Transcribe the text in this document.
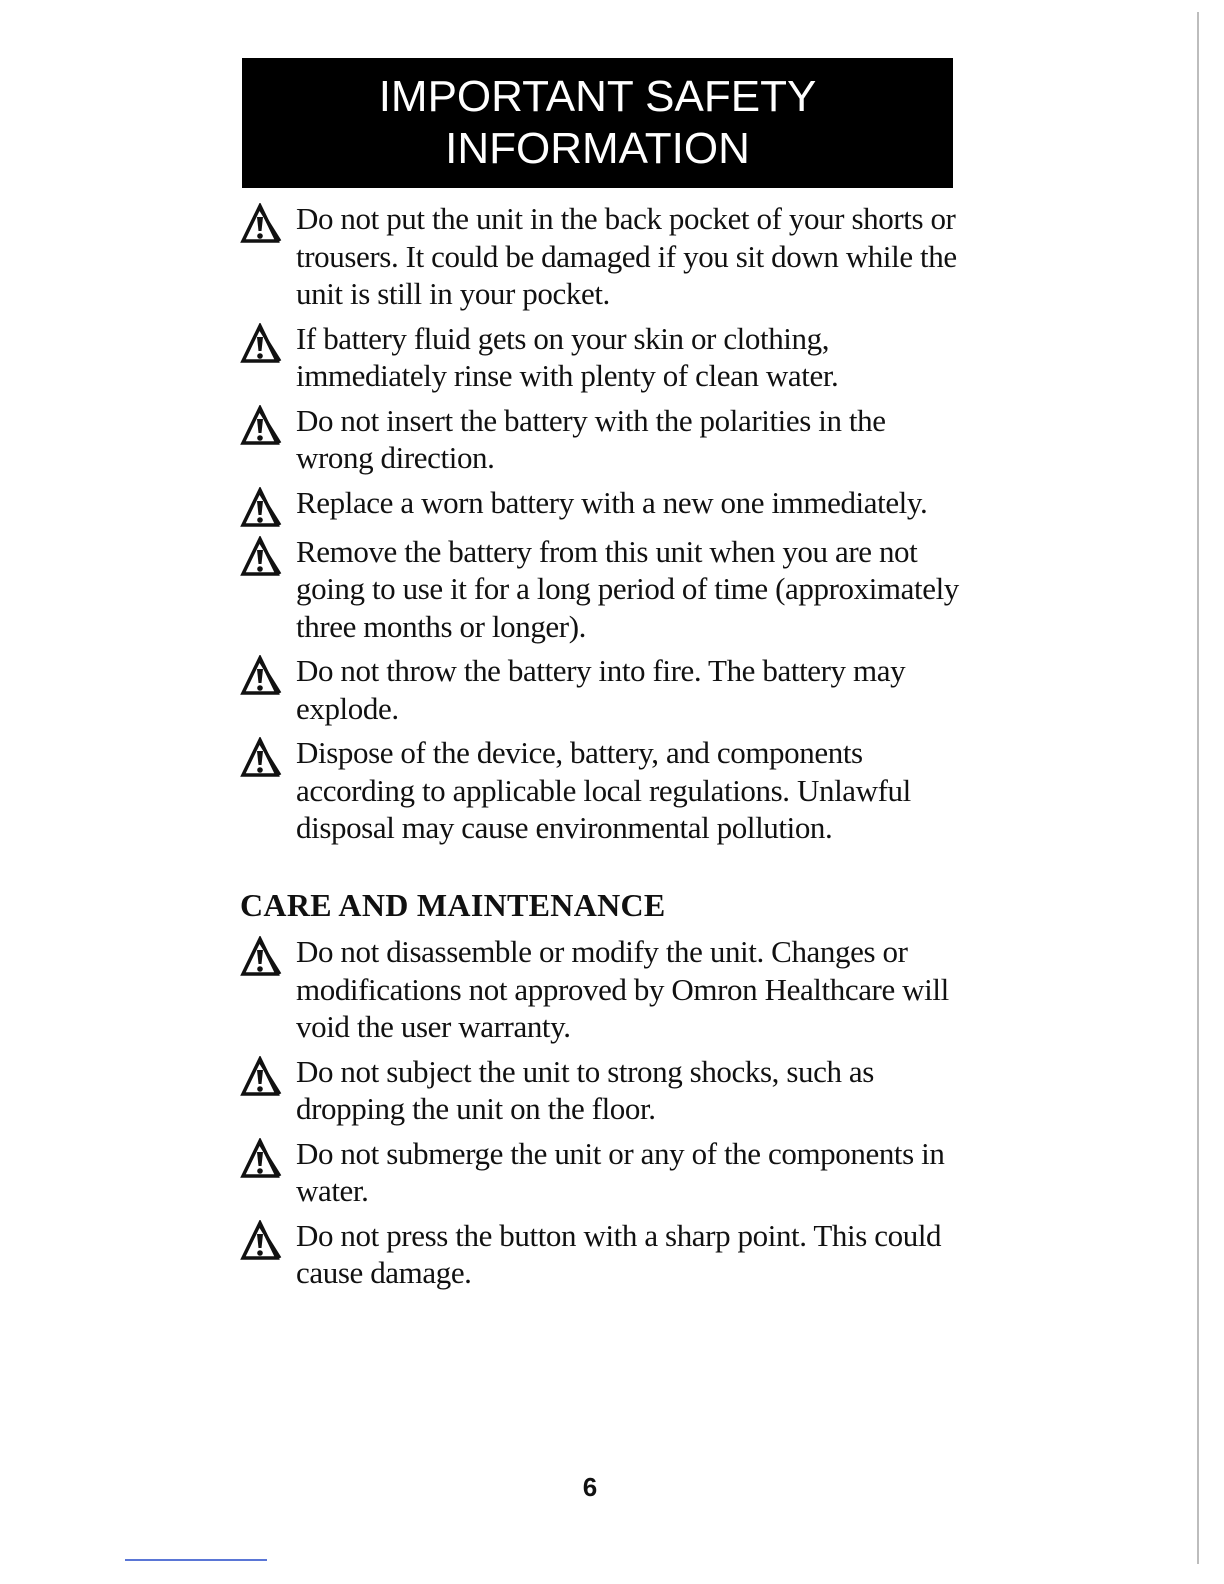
IMPORTANT SAFETY
INFORMATION
Do not put the unit in the back pocket of your shorts or trousers. It could be damaged if you sit down while the unit is still in your pocket.
If battery fluid gets on your skin or clothing, immediately rinse with plenty of clean water.
Do not insert the battery with the polarities in the wrong direction.
Replace a worn battery with a new one immediately.
Remove the battery from this unit when you are not going to use it for a long period of time (approximately three months or longer).
Do not throw the battery into fire. The battery may explode.
Dispose of the device, battery, and components according to applicable local regulations. Unlawful disposal may cause environmental pollution.
CARE AND MAINTENANCE
Do not disassemble or modify the unit. Changes or modifications not approved by Omron Healthcare will void the user warranty.
Do not subject the unit to strong shocks, such as dropping the unit on the floor.
Do not submerge the unit or any of the components in water.
Do not press the button with a sharp point. This could cause damage.
6
